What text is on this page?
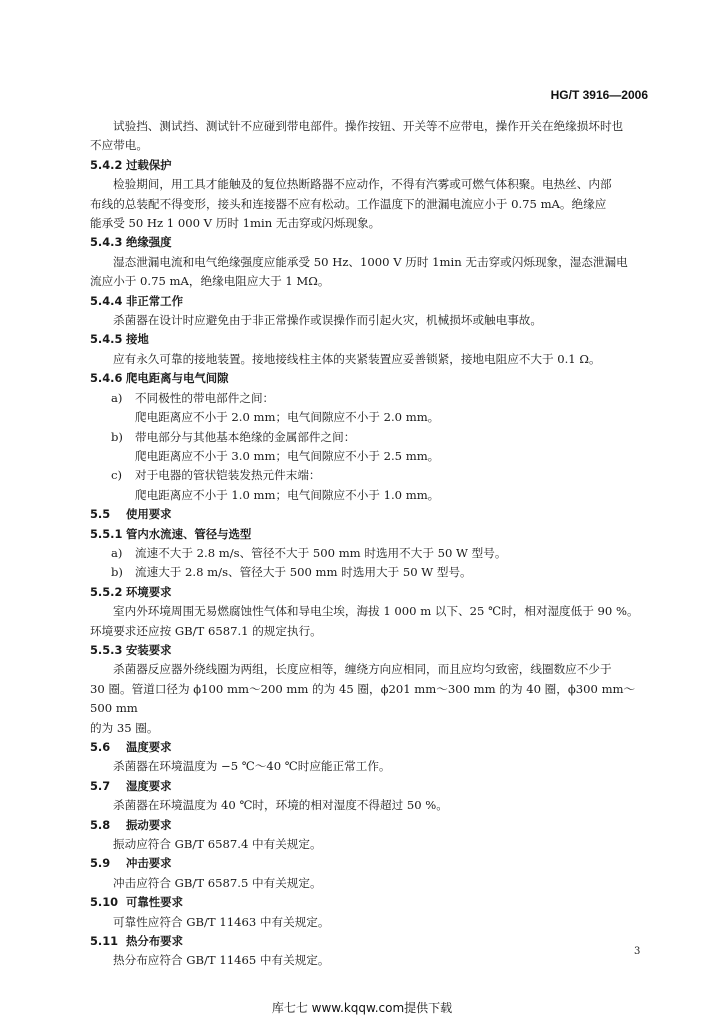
HG/T 3916—2006

试验挡、测试挡、测试针不应碰到带电部件。操作按钮、开关等不应带电，操作开关在绝缘损坏时也

不应带电。

5.4.2 过载保护

检验期间，用工具才能触及的复位热断路器不应动作，不得有汽雾或可燃气体积聚。电热丝、内部

布线的总装配不得变形，接头和连接器不应有松动。工作温度下的泄漏电流应小于 0.75 mA。绝缘应

能承受 50 Hz 1 000 V 历时 1min 无击穿或闪烁现象。

5.4.3 绝缘强度

湿态泄漏电流和电气绝缘强度应能承受 50 Hz、1000 V 历时 1min 无击穿或闪烁现象，湿态泄漏电

流应小于 0.75 mA，绝缘电阻应大于 1 MΩ。

5.4.4 非正常工作

杀菌器在设计时应避免由于非正常操作或误操作而引起火灾，机械损坏或触电事故。

5.4.5 接地

应有永久可靠的接地装置。接地接线柱主体的夹紧装置应妥善锁紧，接地电阻应不大于 0.1 Ω。

5.4.6 爬电距离与电气间隙

a) 不同极性的带电部件之间：

爬电距离应不小于 2.0 mm；电气间隙应不小于 2.0 mm。

b) 带电部分与其他基本绝缘的金属部件之间：

爬电距离应不小于 3.0 mm；电气间隙应不小于 2.5 mm。

c) 对于电器的管状铠装发热元件末端：

爬电距离应不小于 1.0 mm；电气间隙应不小于 1.0 mm。

5.5 使用要求

5.5.1 管内水流速、管径与选型

a) 流速不大于 2.8 m/s、管径不大于 500 mm 时选用不大于 50 W 型号。

b) 流速大于 2.8 m/s、管径大于 500 mm 时选用大于 50 W 型号。

5.5.2 环境要求

室内外环境周围无易燃腐蚀性气体和导电尘埃，海拔 1 000 m 以下、25 ℃时，相对湿度低于 90 %。

环境要求还应按 GB/T 6587.1 的规定执行。

5.5.3 安装要求

杀菌器反应器外绕线圈为两组，长度应相等，缠绕方向应相同，而且应均匀致密，线圈数应不少于

30 圈。管道口径为 ϕ100 mm～200 mm 的为 45 圈，ϕ201 mm～300 mm 的为 40 圈，ϕ300 mm～500 mm

的为 35 圈。

5.6 温度要求

杀菌器在环境温度为 −5 ℃～40 ℃时应能正常工作。

5.7 湿度要求

杀菌器在环境温度为 40 ℃时，环境的相对湿度不得超过 50 %。

5.8 振动要求

振动应符合 GB/T 6587.4 中有关规定。

5.9 冲击要求

冲击应符合 GB/T 6587.5 中有关规定。

5.10 可靠性要求

可靠性应符合 GB/T 11463 中有关规定。

5.11 热分布要求

热分布应符合 GB/T 11465 中有关规定。

3
库七七 www.kqqw.com提供下载
